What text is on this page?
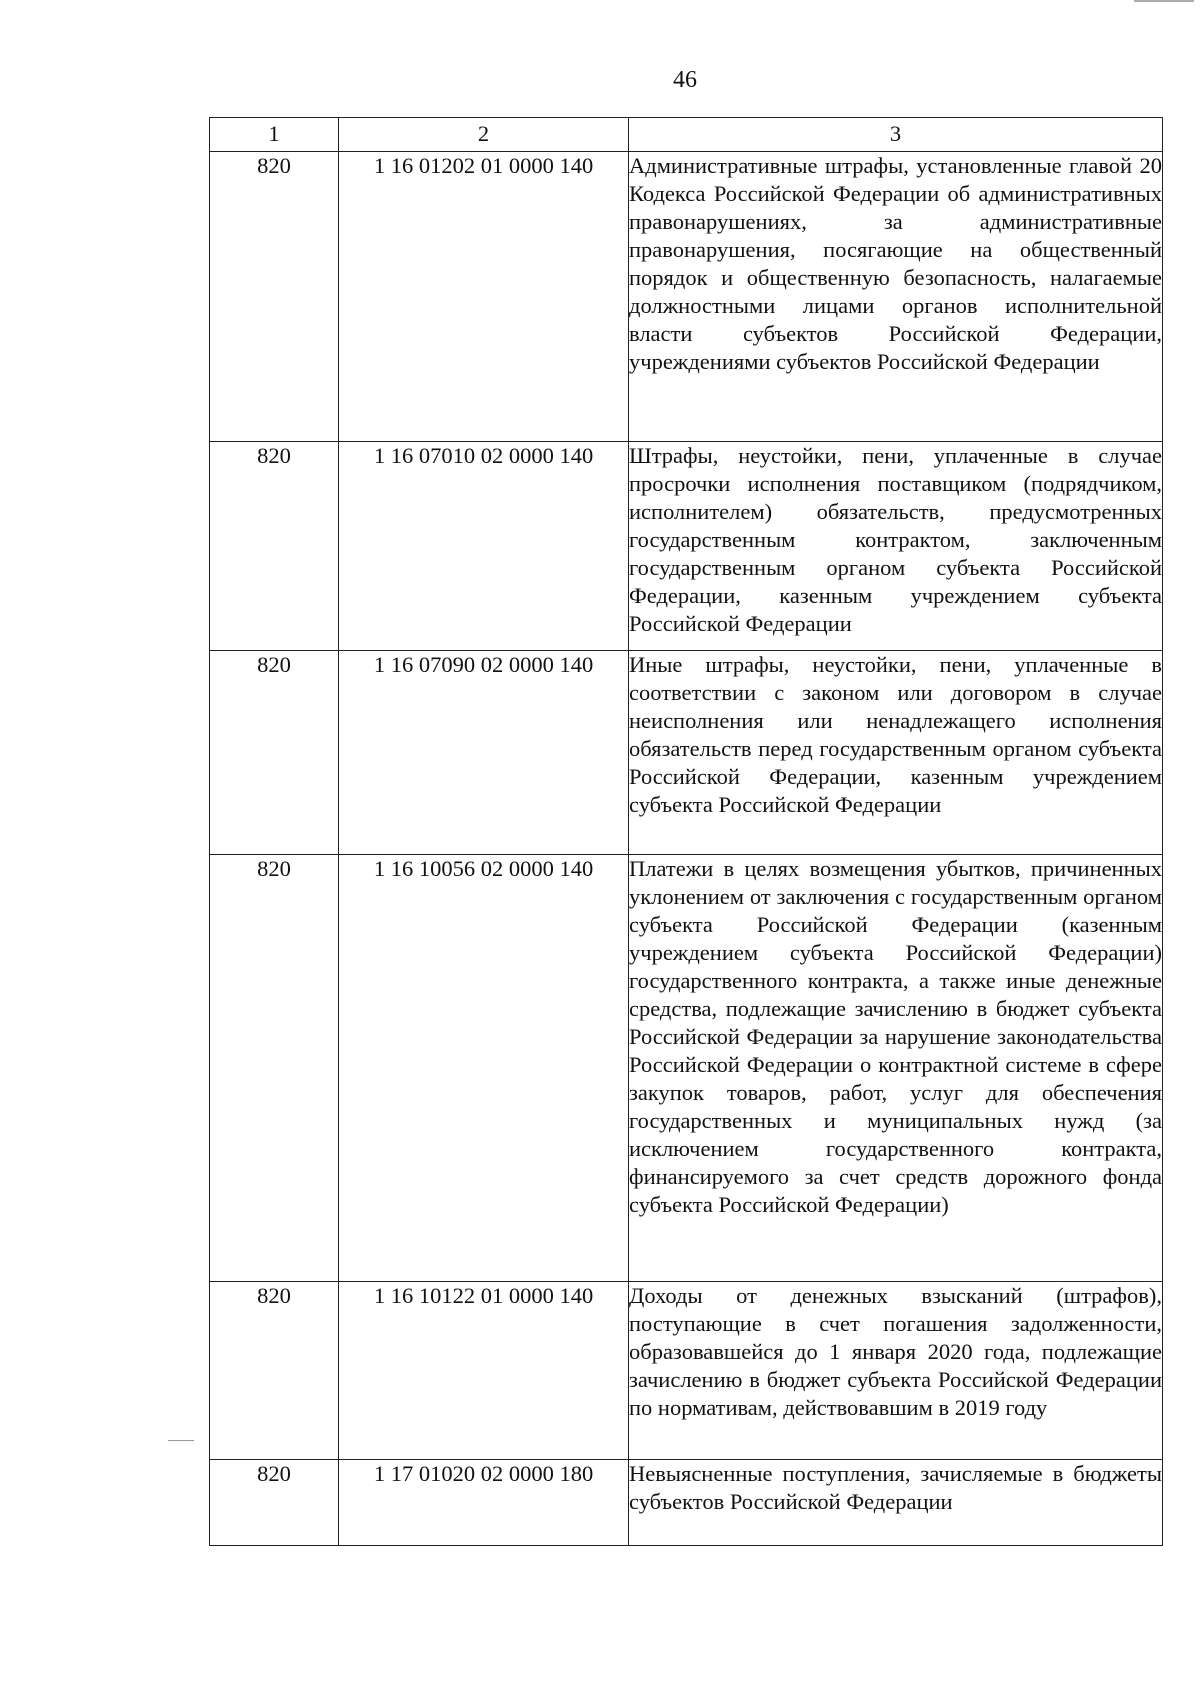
46
1	2	3
820	1 16 01202 01 0000 140	Административные штрафы, установленные главой 20 Кодекса Российской Федерации об административных правонарушениях, за административные правонарушения, посягающие на общественный порядок и общественную безопасность, налагаемые должностными лицами органов исполнительной власти субъектов Российской Федерации, учреждениями субъектов Российской Федерации
820	1 16 07010 02 0000 140	Штрафы, неустойки, пени, уплаченные в случае просрочки исполнения поставщиком (подрядчиком, исполнителем) обязательств, предусмотренных государственным контрактом, заключенным государственным органом субъекта Российской Федерации, казенным учреждением субъекта Российской Федерации
820	1 16 07090 02 0000 140	Иные штрафы, неустойки, пени, уплаченные в соответствии с законом или договором в случае неисполнения или ненадлежащего исполнения обязательств перед государственным органом субъекта Российской Федерации, казенным учреждением субъекта Российской Федерации
820	1 16 10056 02 0000 140	Платежи в целях возмещения убытков, причиненных уклонением от заключения с государственным органом субъекта Российской Федерации (казенным учреждением субъекта Российской Федерации) государственного контракта, а также иные денежные средства, подлежащие зачислению в бюджет субъекта Российской Федерации за нарушение законодательства Российской Федерации о контрактной системе в сфере закупок товаров, работ, услуг для обеспечения государственных и муниципальных нужд (за исключением государственного контракта, финансируемого за счет средств дорожного фонда субъекта Российской Федерации)
820	1 16 10122 01 0000 140	Доходы от денежных взысканий (штрафов), поступающие в счет погашения задолженности, образовавшейся до 1 января 2020 года, подлежащие зачислению в бюджет субъекта Российской Федерации по нормативам, действовавшим в 2019 году
820	1 17 01020 02 0000 180	Невыясненные поступления, зачисляемые в бюджеты субъектов Российской Федерации
